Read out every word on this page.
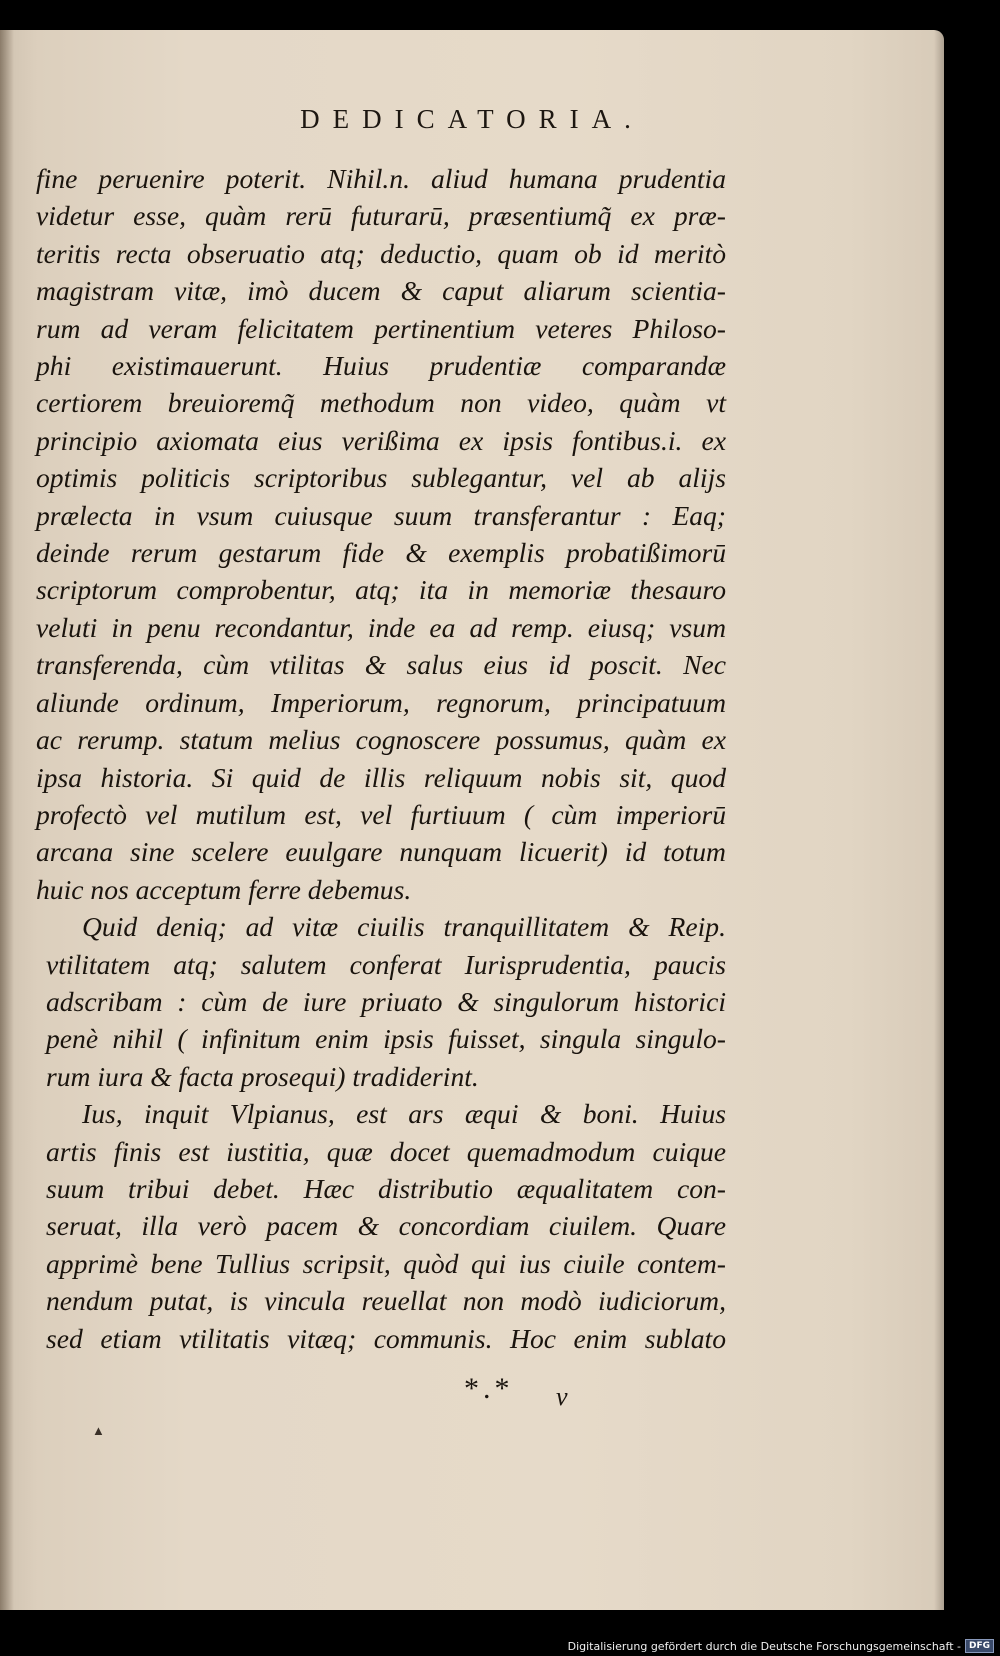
DEDICATORIA.
fine peruenire poterit. Nihil.n. aliud humana prudentia
videtur esse, quàm rerū futurarū, præsentiumq̃ ex præ-
teritis recta obseruatio atq; deductio, quam ob id meritò
magistram vitæ, imò ducem & caput aliarum scientia-
rum ad veram felicitatem pertinentium veteres Philoso-
phi existimauerunt. Huius prudentiæ comparandæ
certiorem breuioremq̃ methodum non video, quàm vt
principio axiomata eius verißima ex ipsis fontibus.i. ex
optimis politicis scriptoribus sublegantur, vel ab alijs
prælecta in vsum cuiusque suum transferantur : Eaq;
deinde rerum gestarum fide & exemplis probatißimorū
scriptorum comprobentur, atq; ita in memoriæ thesauro
veluti in penu recondantur, inde ea ad remp. eiusq; vsum
transferenda, cùm vtilitas & salus eius id poscit. Nec
aliunde ordinum, Imperiorum, regnorum, principatuum
ac rerump. statum melius cognoscere possumus, quàm ex
ipsa historia. Si quid de illis reliquum nobis sit, quod
profectò vel mutilum est, vel furtiuum ( cùm imperiorū
arcana sine scelere euulgare nunquam licuerit) id totum
huic nos acceptum ferre debemus.
Quid deniq; ad vitæ ciuilis tranquillitatem & Reip.
vtilitatem atq; salutem conferat Iurisprudentia, paucis
adscribam : cùm de iure priuato & singulorum historici
penè nihil ( infinitum enim ipsis fuisset, singula singulo-
rum iura & facta prosequi) tradiderint.
Ius, inquit Vlpianus, est ars æqui & boni. Huius
artis finis est iustitia, quæ docet quemadmodum cuique
suum tribui debet. Hæc distributio æqualitatem con-
seruat, illa verò pacem & concordiam ciuilem. Quare
apprimè bene Tullius scripsit, quòd qui ius ciuile contem-
nendum putat, is vincula reuellat non modò iudiciorum,
sed etiam vtilitatis vitæq; communis. Hoc enim sublato
*.* v
▲
Digitalisierung gefördert durch die Deutsche Forschungsgemeinschaft - DFG
